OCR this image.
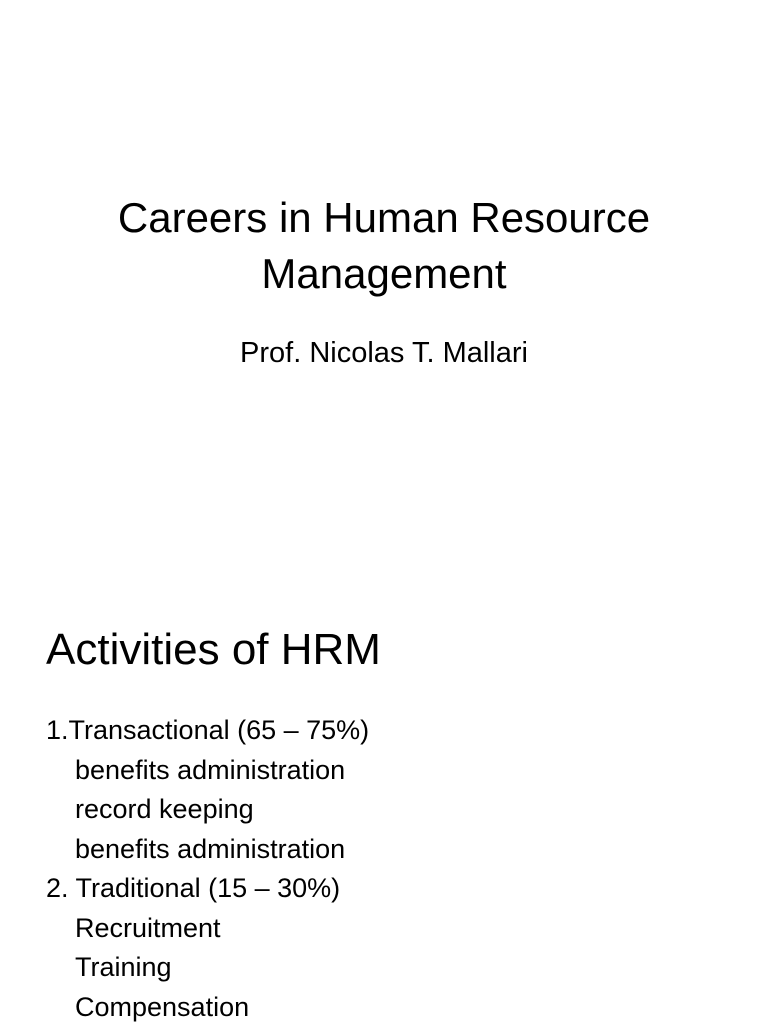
Careers in Human Resource
Management
Prof. Nicolas T. Mallari
Activities of HRM
1.Transactional (65 – 75%)
benefits administration
record keeping
benefits administration
2. Traditional (15 – 30%)
Recruitment
Training
Compensation
